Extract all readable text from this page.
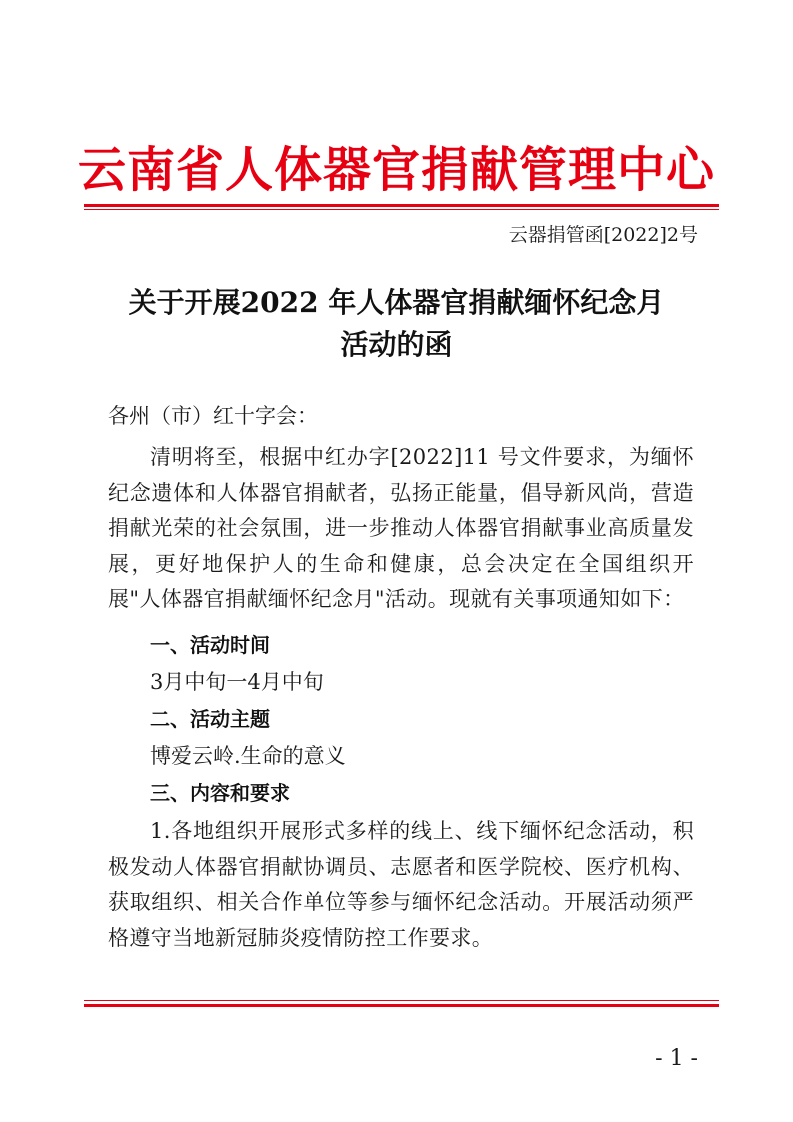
云南省人体器官捐献管理中心
云器捐管函[2022]2号
关于开展2022 年人体器官捐献缅怀纪念月
活动的函
各州（市）红十字会：
清明将至，根据中红办字[2022]11 号文件要求，为缅怀纪念遗体和人体器官捐献者，弘扬正能量，倡导新风尚，营造捐献光荣的社会氛围，进一步推动人体器官捐献事业高质量发展，更好地保护人的生命和健康，总会决定在全国组织开展"人体器官捐献缅怀纪念月"活动。现就有关事项通知如下：
一、活动时间
3月中旬一4月中旬
二、活动主题
博爱云岭.生命的意义
三、内容和要求
1.各地组织开展形式多样的线上、线下缅怀纪念活动，积极发动人体器官捐献协调员、志愿者和医学院校、医疗机构、获取组织、相关合作单位等参与缅怀纪念活动。开展活动须严格遵守当地新冠肺炎疫情防控工作要求。
- 1 -
